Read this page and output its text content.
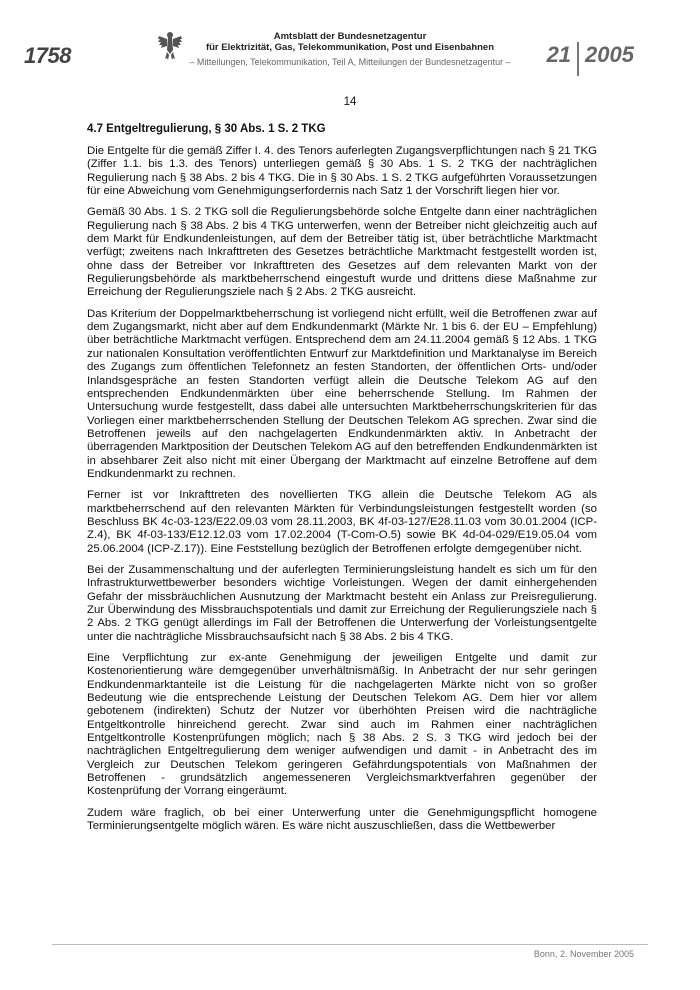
1758
Amtsblatt der Bundesnetzagentur
für Elektrizität, Gas, Telekommunikation, Post und Eisenbahnen
– Mitteilungen, Telekommunikation, Teil A, Mitteilungen der Bundesnetzagentur –	21 2005
14
4.7 Entgeltregulierung, § 30 Abs. 1 S. 2 TKG

Die Entgelte für die gemäß Ziffer I. 4. des Tenors auferlegten Zugangsverpflichtungen nach § 21 TKG (Ziffer 1.1. bis 1.3. des Tenors) unterliegen gemäß § 30 Abs. 1 S. 2 TKG der nachträglichen Regulierung nach § 38 Abs. 2 bis 4 TKG. Die in § 30 Abs. 1 S. 2 TKG aufgeführten Voraussetzungen für eine Abweichung vom Genehmigungserfordernis nach Satz 1 der Vorschrift liegen hier vor.

Gemäß 30 Abs. 1 S. 2 TKG soll die Regulierungsbehörde solche Entgelte dann einer nachträglichen Regulierung nach § 38 Abs. 2 bis 4 TKG unterwerfen, wenn der Betreiber nicht gleichzeitig auch auf dem Markt für Endkundenleistungen, auf dem der Betreiber tätig ist, über beträchtliche Marktmacht verfügt; zweitens nach Inkrafttreten des Gesetzes beträchtliche Marktmacht festgestellt worden ist, ohne dass der Betreiber vor Inkrafttreten des Gesetzes auf dem relevanten Markt von der Regulierungsbehörde als marktbeherrschend eingestuft wurde und drittens diese Maßnahme zur Erreichung der Regulierungsziele nach § 2 Abs. 2 TKG ausreicht.

Das Kriterium der Doppelmarktbeherrschung ist vorliegend nicht erfüllt, weil die Betroffenen zwar auf dem Zugangsmarkt, nicht aber auf dem Endkundenmarkt (Märkte Nr. 1 bis 6. der EU – Empfehlung) über beträchtliche Marktmacht verfügen. Entsprechend dem am 24.11.2004 gemäß § 12 Abs. 1 TKG zur nationalen Konsultation veröffentlichten Entwurf zur Marktdefinition und Marktanalyse im Bereich des Zugangs zum öffentlichen Telefonnetz an festen Standorten, der öffentlichen Orts- und/oder Inlandsgespräche an festen Standorten verfügt allein die Deutsche Telekom AG auf den entsprechenden Endkundenmärkten über eine beherrschende Stellung. Im Rahmen der Untersuchung wurde festgestellt, dass dabei alle untersuchten Marktbeherrschungskriterien für das Vorliegen einer marktbeherrschenden Stellung der Deutschen Telekom AG sprechen. Zwar sind die Betroffenen jeweils auf den nachgelagerten Endkundenmärkten aktiv. In Anbetracht der überragenden Marktposition der Deutschen Telekom AG auf den betreffenden Endkundenmärkten ist in absehbarer Zeit also nicht mit einer Übergang der Marktmacht auf einzelne Betroffene auf dem Endkundenmarkt zu rechnen.

Ferner ist vor Inkrafttreten des novellierten TKG allein die Deutsche Telekom AG als marktbeherrschend auf den relevanten Märkten für Verbindungsleistungen festgestellt worden (so Beschluss BK 4c-03-123/E22.09.03 vom 28.11.2003, BK 4f-03-127/E28.11.03 vom 30.01.2004 (ICP-Z.4), BK 4f-03-133/E12.12.03 vom 17.02.2004 (T-Com-O.5) sowie BK 4d-04-029/E19.05.04 vom 25.06.2004 (ICP-Z.17)). Eine Feststellung bezüglich der Betroffenen erfolgte demgegenüber nicht.

Bei der Zusammenschaltung und der auferlegten Terminierungsleistung handelt es sich um für den Infrastrukturwettbewerber besonders wichtige Vorleistungen. Wegen der damit einhergehenden Gefahr der missbräuchlichen Ausnutzung der Marktmacht besteht ein Anlass zur Preisregulierung. Zur Überwindung des Missbrauchspotentials und damit zur Erreichung der Regulierungsziele nach § 2 Abs. 2 TKG genügt allerdings im Fall der Betroffenen die Unterwerfung der Vorleistungsentgelte unter die nachträgliche Missbrauchsaufsicht nach § 38 Abs. 2 bis 4 TKG.

Eine Verpflichtung zur ex-ante Genehmigung der jeweiligen Entgelte und damit zur Kostenorientierung wäre demgegenüber unverhältnismäßig. In Anbetracht der nur sehr geringen Endkundenmarktanteile ist die Leistung für die nachgelagerten Märkte nicht von so großer Bedeutung wie die entsprechende Leistung der Deutschen Telekom AG. Dem hier vor allem gebotenem (indirekten) Schutz der Nutzer vor überhöhten Preisen wird die nachträgliche Entgeltkontrolle hinreichend gerecht. Zwar sind auch im Rahmen einer nachträglichen Entgeltkontrolle Kostenprüfungen möglich; nach § 38 Abs. 2 S. 3 TKG wird jedoch bei der nachträglichen Entgeltregulierung dem weniger aufwendigen und damit - in Anbetracht des im Vergleich zur Deutschen Telekom geringeren Gefährdungspotentials von Maßnahmen der Betroffenen - grundsätzlich angemesseneren Vergleichsmarktverfahren gegenüber der Kostenprüfung der Vorrang eingeräumt.

Zudem wäre fraglich, ob bei einer Unterwerfung unter die Genehmigungspflicht homogene Terminierungsentgelte möglich wären. Es wäre nicht auszuschließen, dass die Wettbewerber

Bonn, 2. November 2005
